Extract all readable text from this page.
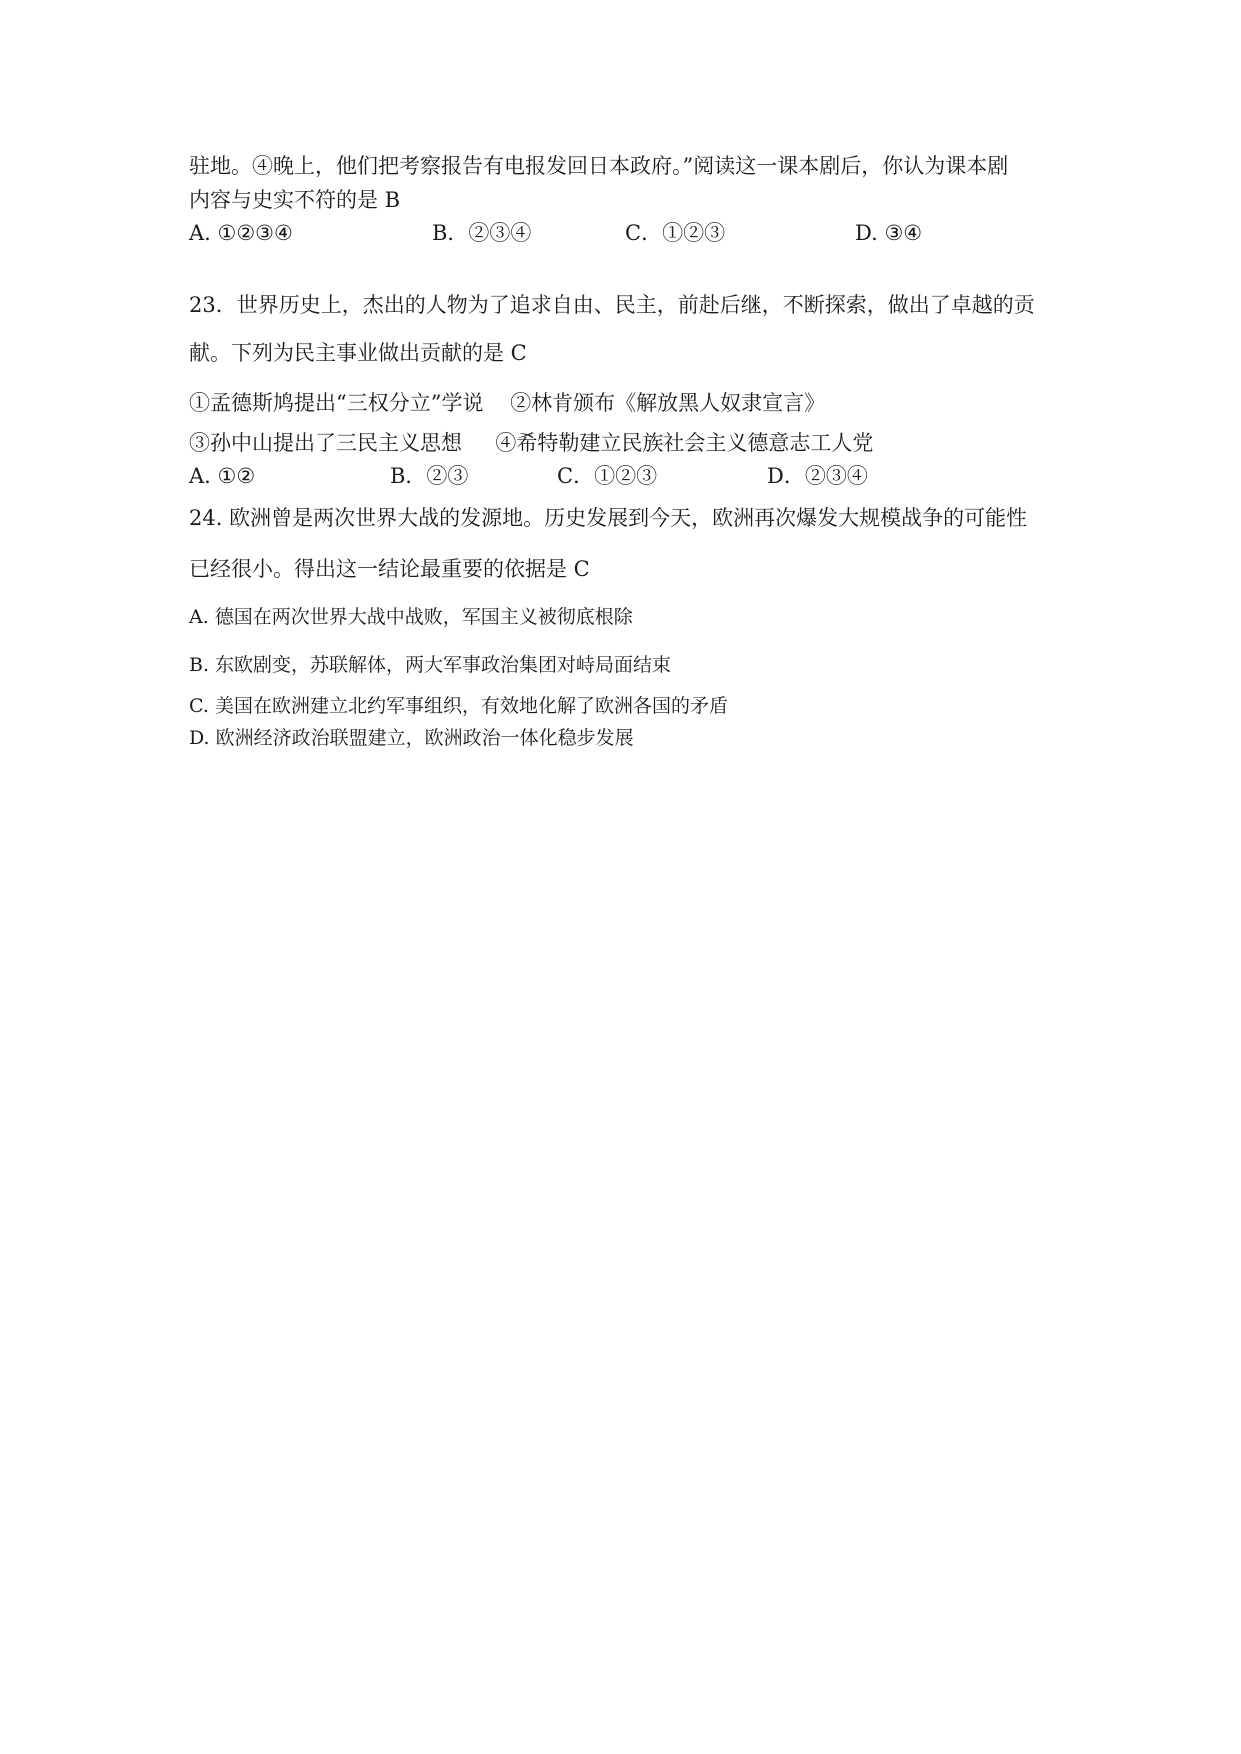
驻地。④晚上，他们把考察报告有电报发回日本政府。”阅读这一课本剧后，你认为课本剧
内容与史实不符的是 B
A. ①②③④	B．②③④	C．①②③	D. ③④
23．世界历史上，杰出的人物为了追求自由、民主，前赴后继，不断探索，做出了卓越的贡
献。下列为民主事业做出贡献的是 C
①孟德斯鸠提出“三权分立”学说    ②林肯颁布《解放黑人奴隶宣言》
③孙中山提出了三民主义思想     ④希特勒建立民族社会主义德意志工人党
A. ①②	B．②③	C．①②③	D．②③④
24. 欧洲曾是两次世界大战的发源地。历史发展到今天，欧洲再次爆发大规模战争的可能性
已经很小。得出这一结论最重要的依据是 C
A. 德国在两次世界大战中战败，军国主义被彻底根除
B. 东欧剧变，苏联解体，两大军事政治集团对峙局面结束
C. 美国在欧洲建立北约军事组织，有效地化解了欧洲各国的矛盾
D. 欧洲经济政治联盟建立，欧洲政治一体化稳步发展
